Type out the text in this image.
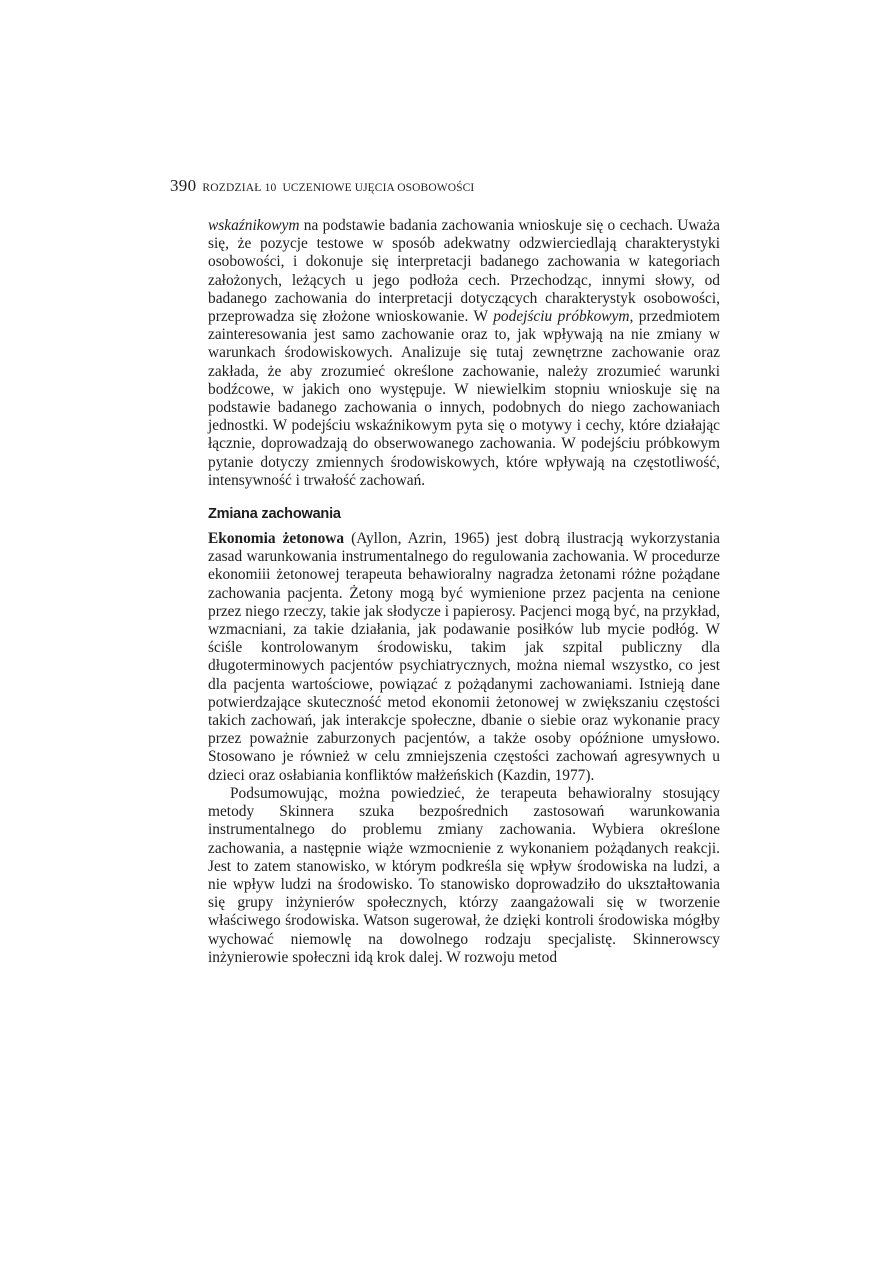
390 ROZDZIAŁ 10 UCZENIOWE UJĘCIA OSOBOWOŚCI

wskaźnikowym na podstawie badania zachowania wnioskuje się o cechach. Uważa się, że pozycje testowe w sposób adekwatny odzwierciedlają charakterystyki osobowości, i dokonuje się interpretacji badanego zachowania w kategoriach założonych, leżących u jego podłoża cech. Przechodząc, innymi słowy, od badanego zachowania do interpretacji dotyczących charakterystyk osobowości, przeprowadza się złożone wnioskowanie. W podejściu próbkowym, przedmiotem zainteresowania jest samo zachowanie oraz to, jak wpływają na nie zmiany w warunkach środowiskowych. Analizuje się tutaj zewnętrzne zachowanie oraz zakłada, że aby zrozumieć określone zachowanie, należy zrozumieć warunki bodźcowe, w jakich ono występuje. W niewielkim stopniu wnioskuje się na podstawie badanego zachowania o innych, podobnych do niego zachowaniach jednostki. W podejściu wskaźnikowym pyta się o motywy i cechy, które działając łącznie, doprowadzają do obserwowanego zachowania. W podejściu próbkowym pytanie dotyczy zmiennych środowiskowych, które wpływają na częstotliwość, intensywność i trwałość zachowań.

Zmiana zachowania

Ekonomia żetonowa (Ayllon, Azrin, 1965) jest dobrą ilustracją wykorzystania zasad warunkowania instrumentalnego do regulowania zachowania. W procedurze ekonomiii żetonowej terapeuta behawioralny nagradza żetonami różne pożądane zachowania pacjenta. Żetony mogą być wymienione przez pacjenta na cenione przez niego rzeczy, takie jak słodycze i papierosy. Pacjenci mogą być, na przykład, wzmacniani, za takie działania, jak podawanie posiłków lub mycie podłóg. W ściśle kontrolowanym środowisku, takim jak szpital publiczny dla długoterminowych pacjentów psychiatrycznych, można niemal wszystko, co jest dla pacjenta wartościowe, powiązać z pożądanymi zachowaniami. Istnieją dane potwierdzające skuteczność metod ekonomii żetonowej w zwiększaniu częstości takich zachowań, jak interakcje społeczne, dbanie o siebie oraz wykonanie pracy przez poważnie zaburzonych pacjentów, a także osoby opóźnione umysłowo. Stosowano je również w celu zmniejszenia częstości zachowań agresywnych u dzieci oraz osłabiania konfliktów małżeńskich (Kazdin, 1977).

Podsumowując, można powiedzieć, że terapeuta behawioralny stosujący metody Skinnera szuka bezpośrednich zastosowań warunkowania instrumentalnego do problemu zmiany zachowania. Wybiera określone zachowania, a następnie wiąże wzmocnienie z wykonaniem pożądanych reakcji. Jest to zatem stanowisko, w którym podkreśla się wpływ środowiska na ludzi, a nie wpływ ludzi na środowisko. To stanowisko doprowadziło do ukształtowania się grupy inżynierów społecznych, którzy zaangażowali się w tworzenie właściwego środowiska. Watson sugerował, że dzięki kontroli środowiska mógłby wychować niemowlę na dowolnego rodzaju specjalistę. Skinnerowscy inżynierowie społeczni idą krok dalej. W rozwoju metod
